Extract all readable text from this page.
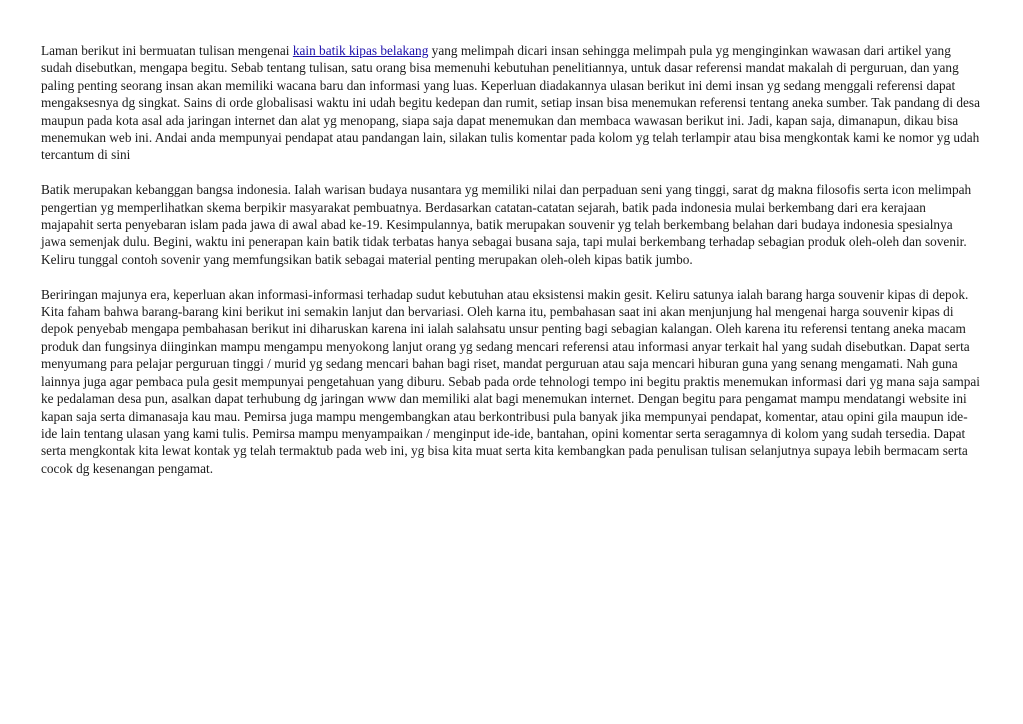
Laman berikut ini bermuatan tulisan mengenai kain batik kipas belakang yang melimpah dicari insan sehingga melimpah pula yg menginginkan wawasan dari artikel yang sudah disebutkan, mengapa begitu. Sebab tentang tulisan, satu orang bisa memenuhi kebutuhan penelitiannya, untuk dasar referensi mandat makalah di perguruan, dan yang paling penting seorang insan akan memiliki wacana baru dan informasi yang luas. Keperluan diadakannya ulasan berikut ini demi insan yg sedang menggali referensi dapat mengaksesnya dg singkat. Sains di orde globalisasi waktu ini udah begitu kedepan dan rumit, setiap insan bisa menemukan referensi tentang aneka sumber. Tak pandang di desa maupun pada kota asal ada jaringan internet dan alat yg menopang, siapa saja dapat menemukan dan membaca wawasan berikut ini. Jadi, kapan saja, dimanapun, dikau bisa menemukan web ini. Andai anda mempunyai pendapat atau pandangan lain, silakan tulis komentar pada kolom yg telah terlampir atau bisa mengkontak kami ke nomor yg udah tercantum di sini

Batik merupakan kebanggan bangsa indonesia. Ialah warisan budaya nusantara yg memiliki nilai dan perpaduan seni yang tinggi, sarat dg makna filosofis serta icon melimpah pengertian yg memperlihatkan skema berpikir masyarakat pembuatnya. Berdasarkan catatan-catatan sejarah, batik pada indonesia mulai berkembang dari era kerajaan majapahit serta penyebaran islam pada jawa di awal abad ke-19. Kesimpulannya, batik merupakan souvenir yg telah berkembang belahan dari budaya indonesia spesialnya jawa semenjak dulu. Begini, waktu ini penerapan kain batik tidak terbatas hanya sebagai busana saja, tapi mulai berkembang terhadap sebagian produk oleh-oleh dan sovenir. Keliru tunggal contoh sovenir yang memfungsikan batik sebagai material penting merupakan oleh-oleh kipas batik jumbo.

Beriringan majunya era, keperluan akan informasi-informasi terhadap sudut kebutuhan atau eksistensi makin gesit. Keliru satunya ialah barang harga souvenir kipas di depok. Kita faham bahwa barang-barang kini berikut ini semakin lanjut dan bervariasi. Oleh karna itu, pembahasan saat ini akan menjunjung hal mengenai harga souvenir kipas di depok penyebab mengapa pembahasan berikut ini diharuskan karena ini ialah salahsatu unsur penting bagi sebagian kalangan. Oleh karena itu referensi tentang aneka macam produk dan fungsinya diinginkan mampu mengampu menyokong lanjut orang yg sedang mencari referensi atau informasi anyar terkait hal yang sudah disebutkan. Dapat serta menyumang para pelajar perguruan tinggi / murid yg sedang mencari bahan bagi riset, mandat perguruan atau saja mencari hiburan guna yang senang mengamati. Nah guna lainnya juga agar pembaca pula gesit mempunyai pengetahuan yang diburu. Sebab pada orde tehnologi tempo ini begitu praktis menemukan informasi dari yg mana saja sampai ke pedalaman desa pun, asalkan dapat terhubung dg jaringan www dan memiliki alat bagi menemukan internet. Dengan begitu para pengamat mampu mendatangi website ini kapan saja serta dimanasaja kau mau. Pemirsa juga mampu mengembangkan atau berkontribusi pula banyak jika mempunyai pendapat, komentar, atau opini gila maupun ide-ide lain tentang ulasan yang kami tulis. Pemirsa mampu menyampaikan / menginput ide-ide, bantahan, opini komentar serta seragamnya di kolom yang sudah tersedia. Dapat serta mengkontak kita lewat kontak yg telah termaktub pada web ini, yg bisa kita muat serta kita kembangkan pada penulisan tulisan selanjutnya supaya lebih bermacam serta cocok dg kesenangan pengamat.
